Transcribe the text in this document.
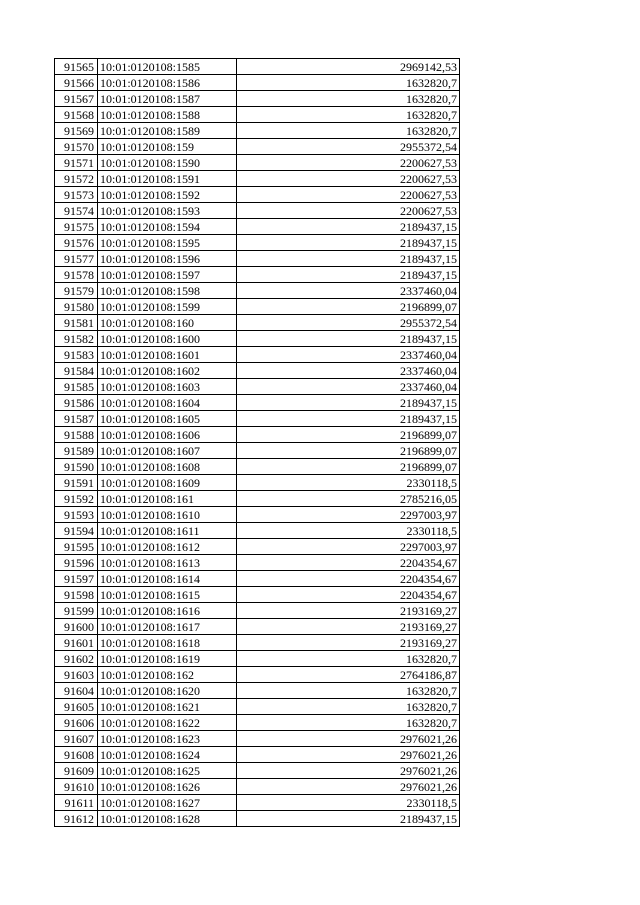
91565	10:01:0120108:1585	2969142,53
91566	10:01:0120108:1586	1632820,7
91567	10:01:0120108:1587	1632820,7
91568	10:01:0120108:1588	1632820,7
91569	10:01:0120108:1589	1632820,7
91570	10:01:0120108:159	2955372,54
91571	10:01:0120108:1590	2200627,53
91572	10:01:0120108:1591	2200627,53
91573	10:01:0120108:1592	2200627,53
91574	10:01:0120108:1593	2200627,53
91575	10:01:0120108:1594	2189437,15
91576	10:01:0120108:1595	2189437,15
91577	10:01:0120108:1596	2189437,15
91578	10:01:0120108:1597	2189437,15
91579	10:01:0120108:1598	2337460,04
91580	10:01:0120108:1599	2196899,07
91581	10:01:0120108:160	2955372,54
91582	10:01:0120108:1600	2189437,15
91583	10:01:0120108:1601	2337460,04
91584	10:01:0120108:1602	2337460,04
91585	10:01:0120108:1603	2337460,04
91586	10:01:0120108:1604	2189437,15
91587	10:01:0120108:1605	2189437,15
91588	10:01:0120108:1606	2196899,07
91589	10:01:0120108:1607	2196899,07
91590	10:01:0120108:1608	2196899,07
91591	10:01:0120108:1609	2330118,5
91592	10:01:0120108:161	2785216,05
91593	10:01:0120108:1610	2297003,97
91594	10:01:0120108:1611	2330118,5
91595	10:01:0120108:1612	2297003,97
91596	10:01:0120108:1613	2204354,67
91597	10:01:0120108:1614	2204354,67
91598	10:01:0120108:1615	2204354,67
91599	10:01:0120108:1616	2193169,27
91600	10:01:0120108:1617	2193169,27
91601	10:01:0120108:1618	2193169,27
91602	10:01:0120108:1619	1632820,7
91603	10:01:0120108:162	2764186,87
91604	10:01:0120108:1620	1632820,7
91605	10:01:0120108:1621	1632820,7
91606	10:01:0120108:1622	1632820,7
91607	10:01:0120108:1623	2976021,26
91608	10:01:0120108:1624	2976021,26
91609	10:01:0120108:1625	2976021,26
91610	10:01:0120108:1626	2976021,26
91611	10:01:0120108:1627	2330118,5
91612	10:01:0120108:1628	2189437,15
